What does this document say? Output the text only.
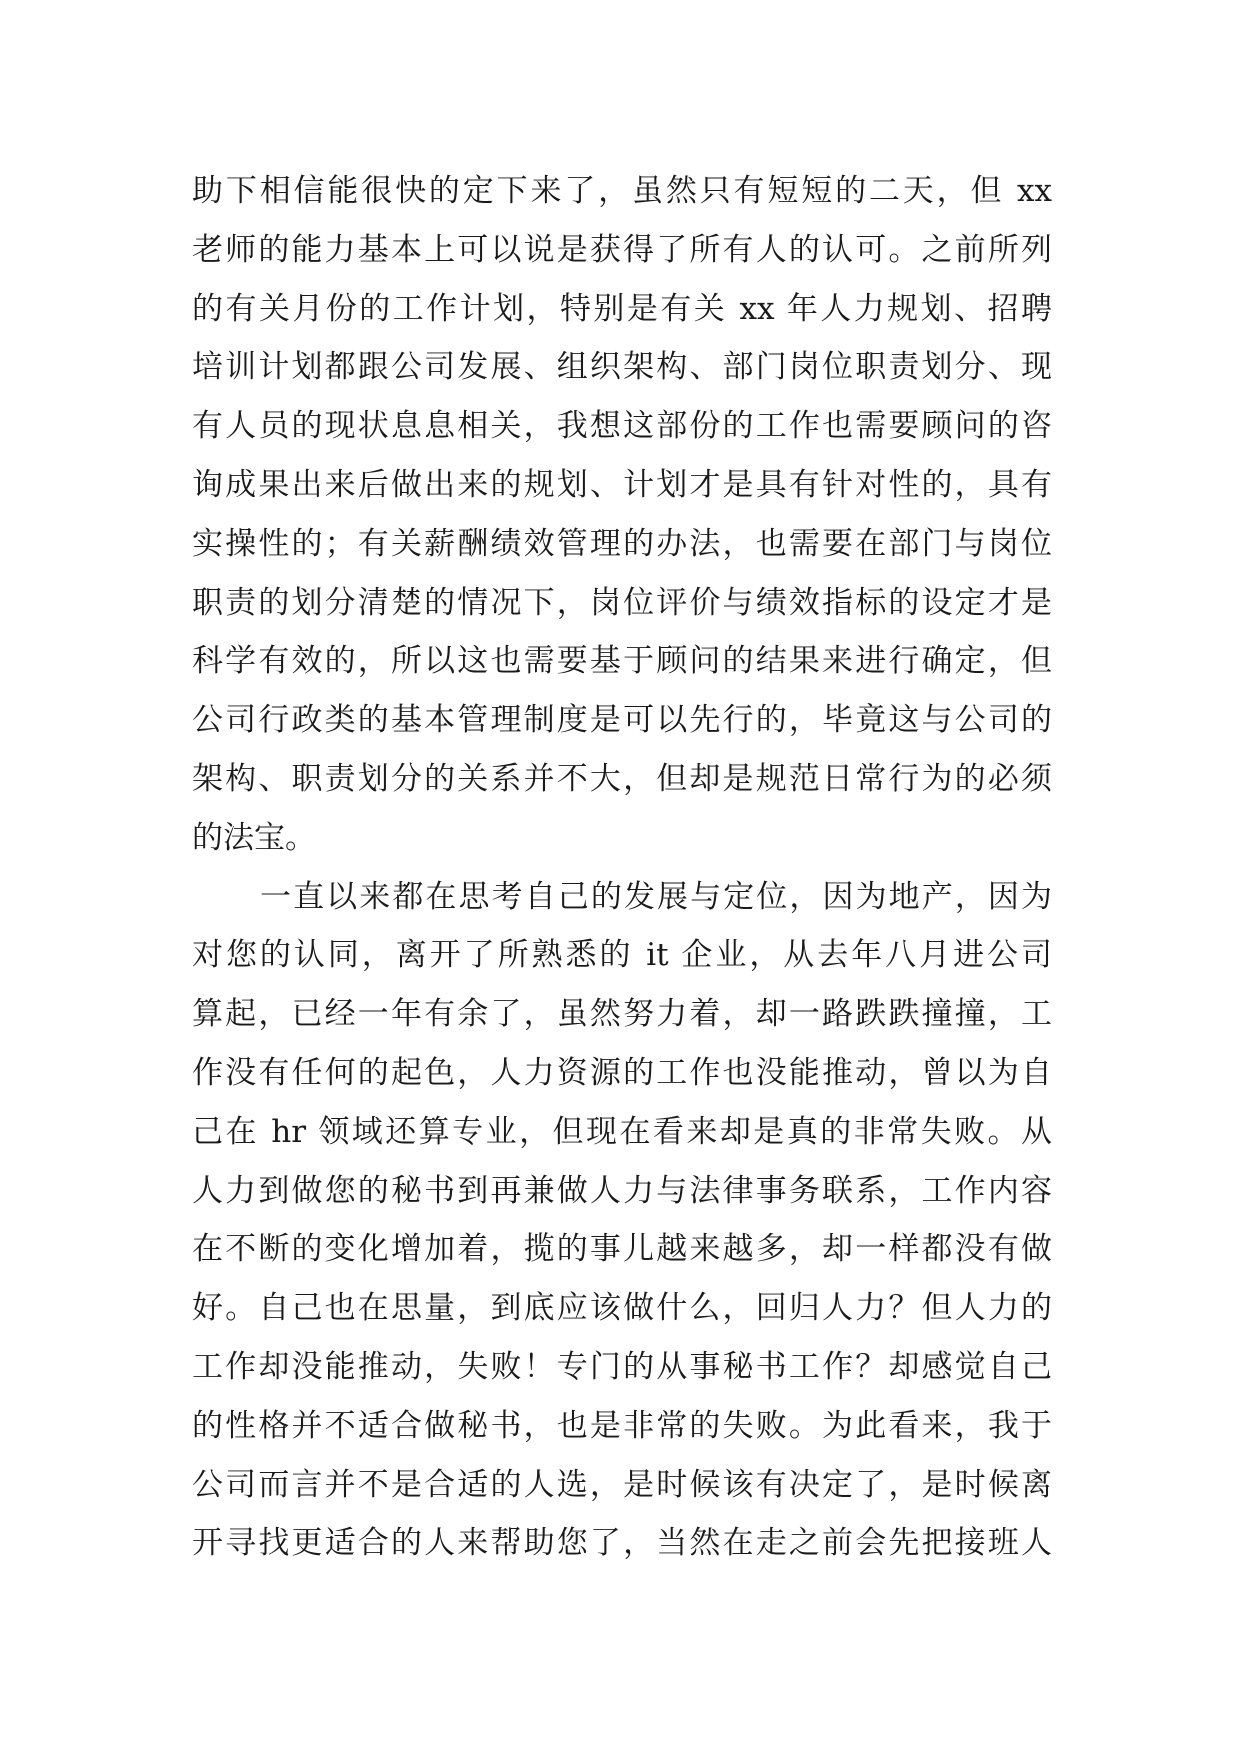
助下相信能很快的定下来了，虽然只有短短的二天，但 xx
老师的能力基本上可以说是获得了所有人的认可。之前所列
的有关月份的工作计划，特别是有关 xx 年人力规划、招聘
培训计划都跟公司发展、组织架构、部门岗位职责划分、现
有人员的现状息息相关，我想这部份的工作也需要顾问的咨
询成果出来后做出来的规划、计划才是具有针对性的，具有
实操性的；有关薪酬绩效管理的办法，也需要在部门与岗位
职责的划分清楚的情况下，岗位评价与绩效指标的设定才是
科学有效的，所以这也需要基于顾问的结果来进行确定，但
公司行政类的基本管理制度是可以先行的，毕竟这与公司的
架构、职责划分的关系并不大，但却是规范日常行为的必须
的法宝。
一直以来都在思考自己的发展与定位，因为地产，因为
对您的认同，离开了所熟悉的 it 企业，从去年八月进公司
算起，已经一年有余了，虽然努力着，却一路跌跌撞撞，工
作没有任何的起色，人力资源的工作也没能推动，曾以为自
己在 hr 领域还算专业，但现在看来却是真的非常失败。从
人力到做您的秘书到再兼做人力与法律事务联系，工作内容
在不断的变化增加着，揽的事儿越来越多，却一样都没有做
好。自己也在思量，到底应该做什么，回归人力？但人力的
工作却没能推动，失败！专门的从事秘书工作？却感觉自己
的性格并不适合做秘书，也是非常的失败。为此看来，我于
公司而言并不是合适的人选，是时候该有决定了，是时候离
开寻找更适合的人来帮助您了，当然在走之前会先把接班人
